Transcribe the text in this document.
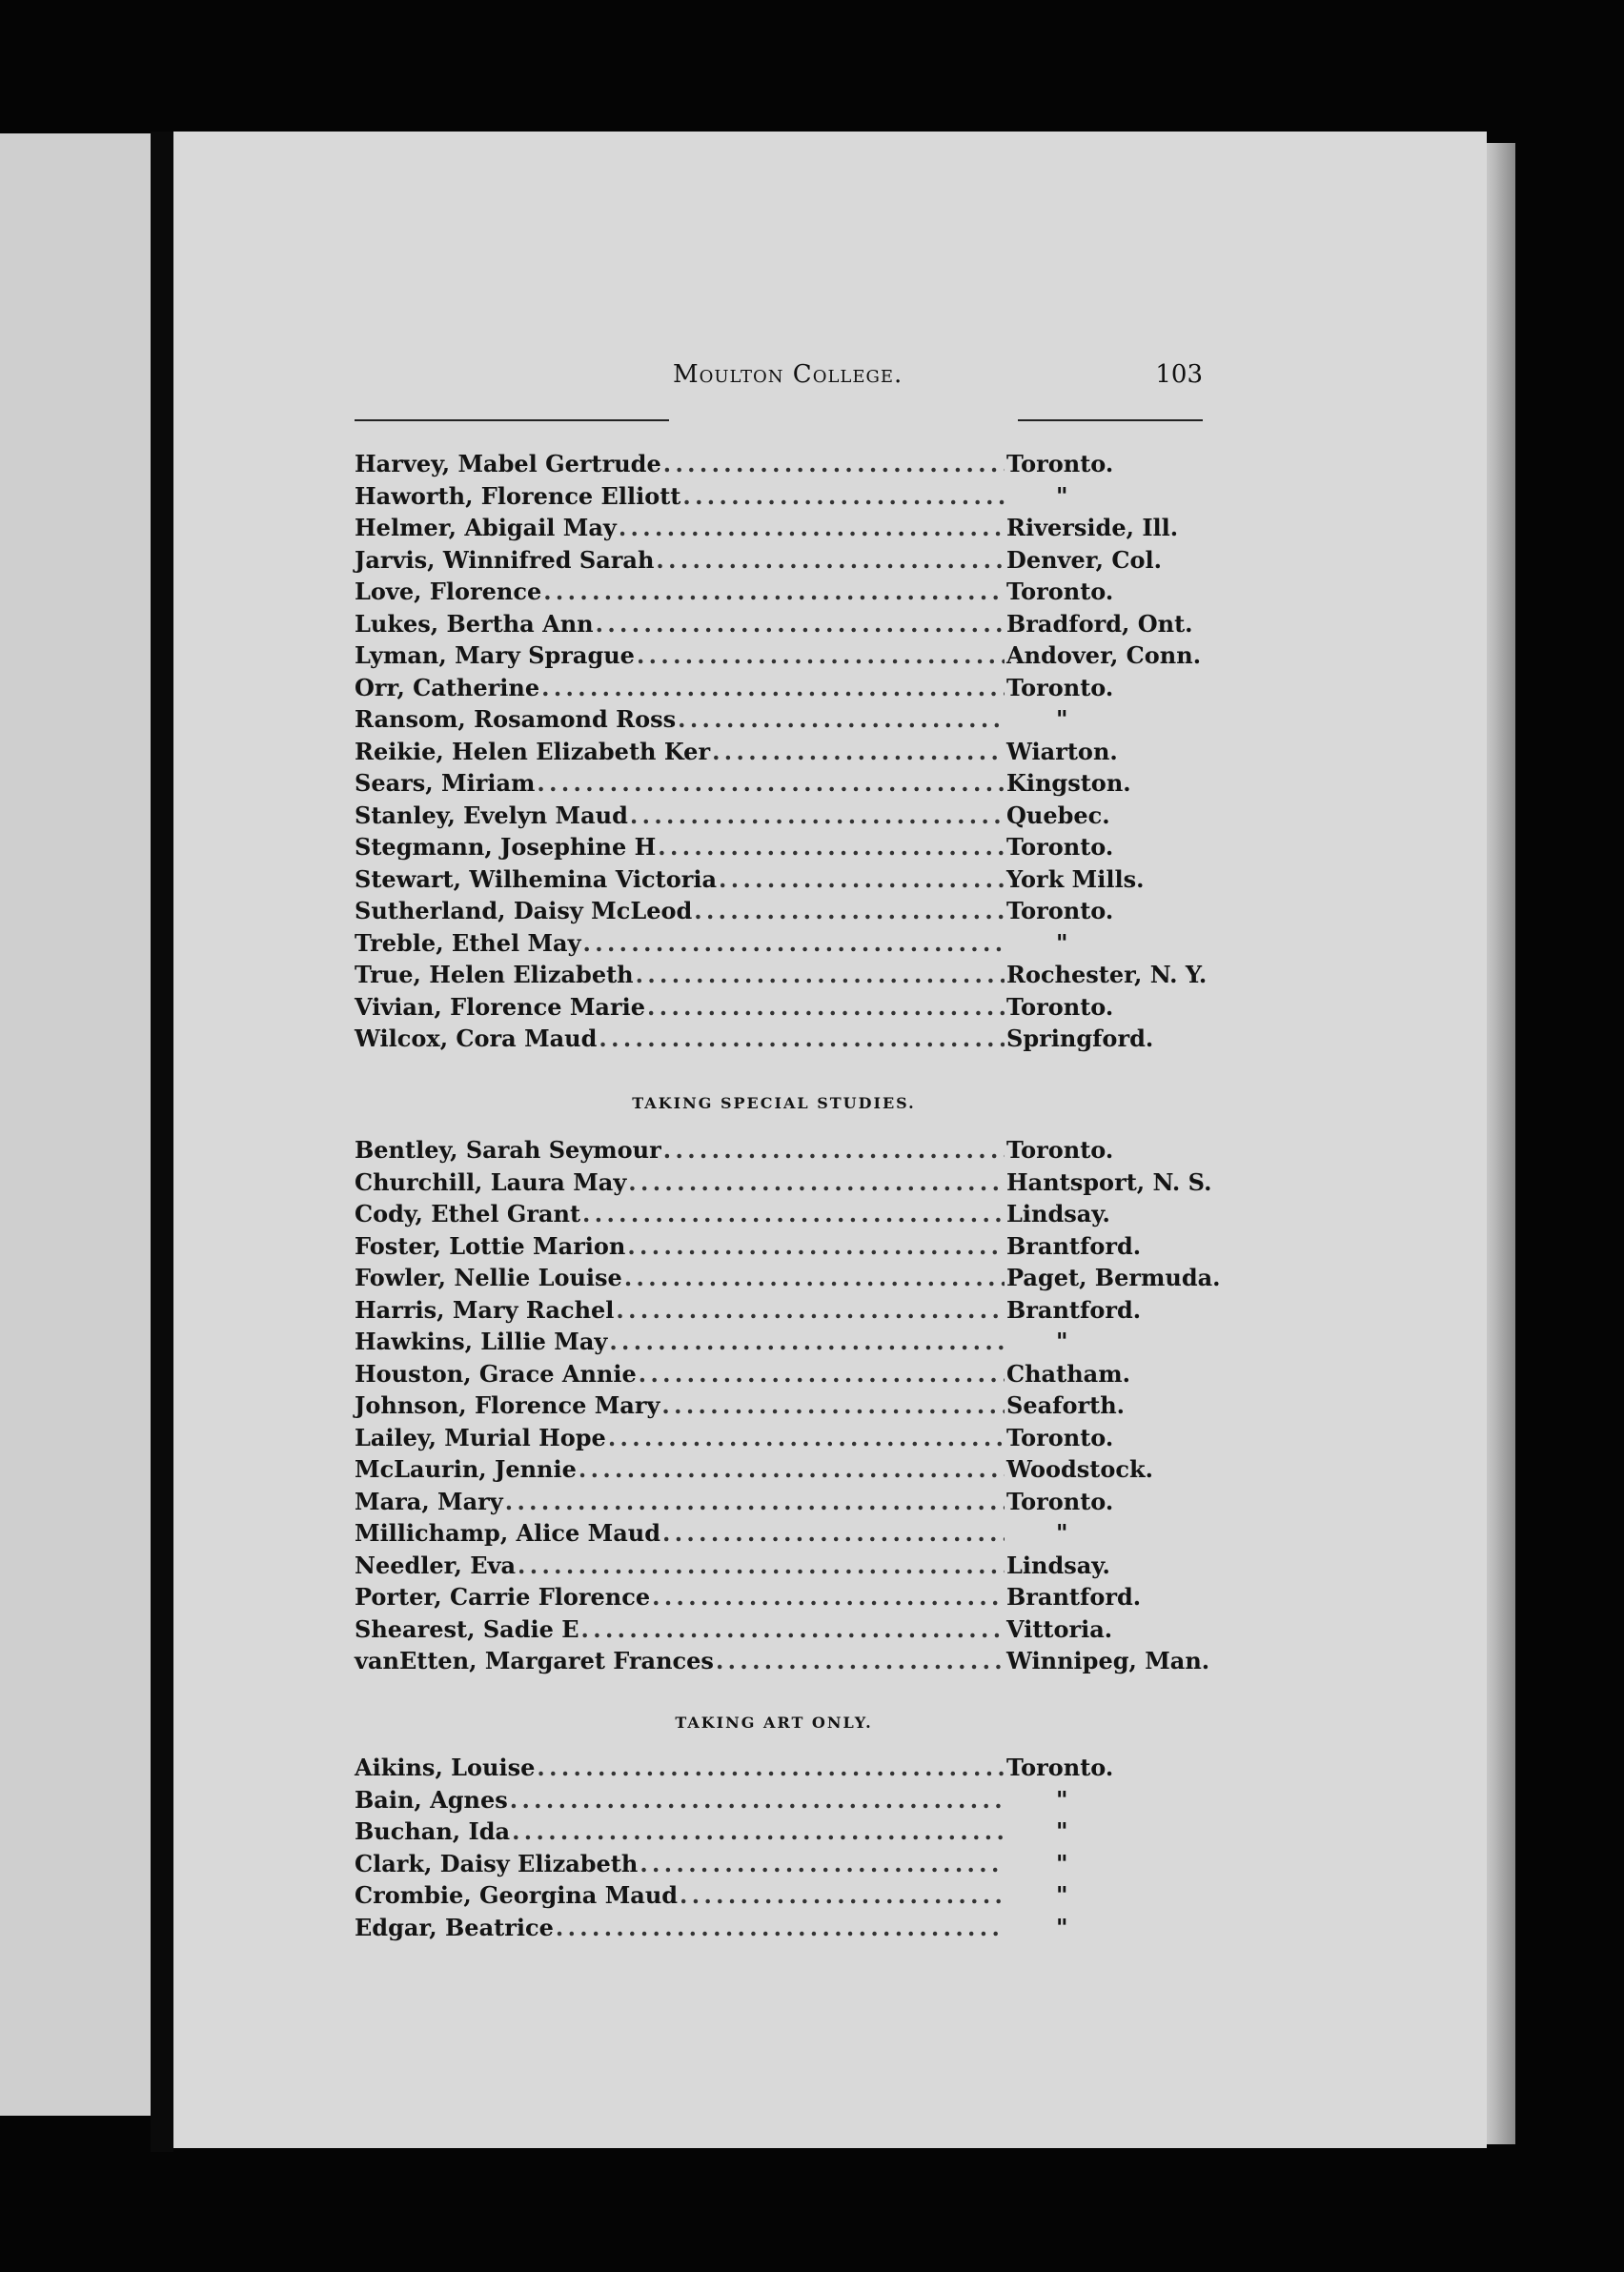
Moulton College.	103
Harvey, Mabel Gertrude . . .	Toronto.
Haworth, Florence Elliott . . .	"
Helmer, Abigail May . . .	Riverside, Ill.
Jarvis, Winnifred Sarah . . .	Denver, Col.
Love, Florence . . .	Toronto.
Lukes, Bertha Ann . . .	Bradford, Ont.
Lyman, Mary Sprague . . .	Andover, Conn.
Orr, Catherine . . .	Toronto.
Ransom, Rosamond Ross . . .	"
Reikie, Helen Elizabeth Ker . . .	Wiarton.
Sears, Miriam . . .	Kingston.
Stanley, Evelyn Maud . . .	Quebec.
Stegmann, Josephine H . . .	Toronto.
Stewart, Wilhemina Victoria . . .	York Mills.
Sutherland, Daisy McLeod . . .	Toronto.
Treble, Ethel May . . .	"
True, Helen Elizabeth . . .	Rochester, N. Y.
Vivian, Florence Marie . . .	Toronto.
Wilcox, Cora Maud . . .	Springford.
TAKING SPECIAL STUDIES.
Bentley, Sarah Seymour . . .	Toronto.
Churchill, Laura May . . .	Hantsport, N. S.
Cody, Ethel Grant . . .	Lindsay.
Foster, Lottie Marion . . .	Brantford.
Fowler, Nellie Louise . . .	Paget, Bermuda.
Harris, Mary Rachel . . .	Brantford.
Hawkins, Lillie May . . .	"
Houston, Grace Annie . . .	Chatham.
Johnson, Florence Mary . . .	Seaforth.
Lailey, Murial Hope . . .	Toronto.
McLaurin, Jennie . . .	Woodstock.
Mara, Mary . . .	Toronto.
Millichamp, Alice Maud . . .	"
Needler, Eva . . .	Lindsay.
Porter, Carrie Florence . . .	Brantford.
Shearest, Sadie E . . .	Vittoria.
vanEtten, Margaret Frances . . .	Winnipeg, Man.
TAKING ART ONLY.
Aikins, Louise . . .	Toronto.
Bain, Agnes . . .	"
Buchan, Ida . . .	"
Clark, Daisy Elizabeth . . .	"
Crombie, Georgina Maud . . .	"
Edgar, Beatrice . . .	"
